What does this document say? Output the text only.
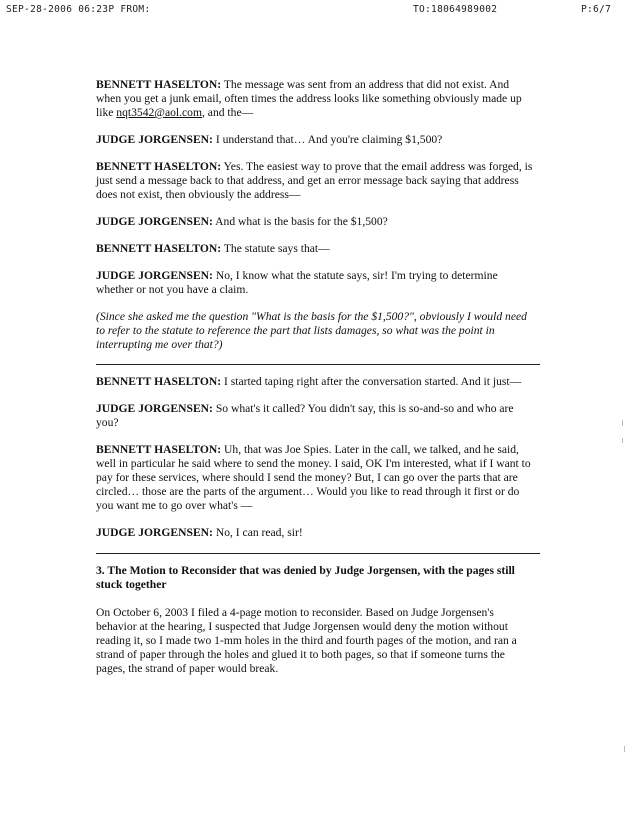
SEP-28-2006 06:23P FROM:	TO:18064989002	P:6/7

BENNETT HASELTON: The message was sent from an address that did not exist. And when you get a junk email, often times the address looks like something obviously made up like nqt3542@aol.com, and the—

JUDGE JORGENSEN: I understand that… And you're claiming $1,500?

BENNETT HASELTON: Yes. The easiest way to prove that the email address was forged, is just send a message back to that address, and get an error message back saying that address does not exist, then obviously the address—

JUDGE JORGENSEN: And what is the basis for the $1,500?

BENNETT HASELTON: The statute says that—

JUDGE JORGENSEN: No, I know what the statute says, sir! I'm trying to determine whether or not you have a claim.

(Since she asked me the question "What is the basis for the $1,500?", obviously I would need to refer to the statute to reference the part that lists damages, so what was the point in interrupting me over that?)

BENNETT HASELTON: I started taping right after the conversation started. And it just—

JUDGE JORGENSEN: So what's it called? You didn't say, this is so-and-so and who are you?

BENNETT HASELTON: Uh, that was Joe Spies. Later in the call, we talked, and he said, well in particular he said where to send the money. I said, OK I'm interested, what if I want to pay for these services, where should I send the money? But, I can go over the parts that are circled… those are the parts of the argument… Would you like to read through it first or do you want me to go over what's —

JUDGE JORGENSEN: No, I can read, sir!

3. The Motion to Reconsider that was denied by Judge Jorgensen, with the pages still stuck together

On October 6, 2003 I filed a 4-page motion to reconsider. Based on Judge Jorgensen's behavior at the hearing, I suspected that Judge Jorgensen would deny the motion without reading it, so I made two 1-mm holes in the third and fourth pages of the motion, and ran a strand of paper through the holes and glued it to both pages, so that if someone turns the pages, the strand of paper would break.
